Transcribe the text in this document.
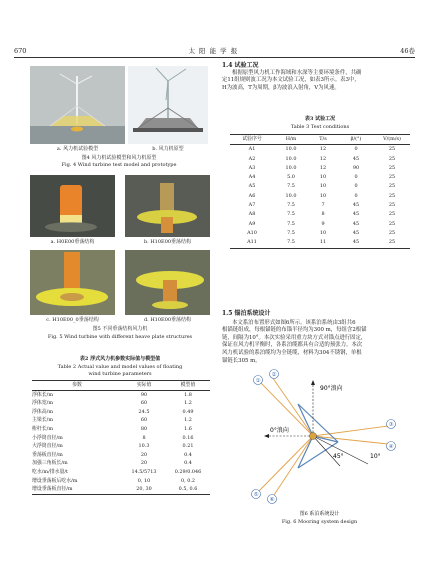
670	太 阳 能 学 报	46卷
a. 风力机试验模型	b. 风力机原型
图4 风力机试验模型和风力机原型
Fig. 4 Wind turbine test model and prototype
a. H0E00垂荡结构	b. H10E00垂荡结构
c. H10E00_0垂荡结构	d. H10E00垂荡结构
图5 不同垂荡结构风力机
Fig. 5 Wind turbine with different heave plate structures
表2 浮式风力机参数实际值与模型值
Table 2 Actual value and model values of floating
wind turbine parameters
参数	实际值	模型值
浮体长/m	90	1.8
浮体宽/m	60	1.2
浮体高/m	24.5	0.49
主梁长/m	60	1.2
桁杆长/m	80	1.6
小浮筒直径/m	8	0.16
大浮筒直径/m	10.3	0.21
垂荡板直径/m	20	0.4
加强三角板长/m	20	0.4
吃水/m/排水量/t	14.5/5713	0.29/0.046
增设垂荡板后吃水/m	0, 10	0, 0.2
增设垂荡板直径/m	20, 30	0.5, 0.6
1.4 试验工况
根据原型风力机工作海域和水深等主要环境条件，共确
定11组规则波工况为本文试验工况，如表3所示。表3中，
H为波高，T为周期，β为波浪入射角，V为风速。
表3 试验工况
Table 3 Test conditions
试验序号	H/m	T/s	β/(°)	V/(m/s)
A1	10.0	12	0	25
A2	10.0	12	45	25
A3	10.0	12	90	25
A4	5.0	10	0	25
A5	7.5	10	0	25
A6	10.0	10	0	25
A7	7.5	7	45	25
A8	7.5	8	45	25
A9	7.5	9	45	25
A10	7.5	10	45	25
A11	7.5	11	45	25
1.5 锚泊系统设计
本文系泊布置形式如图6所示。该系泊系统由3组共6
根锚链组成，每根锚链的布锚半径均为300 m，每组含2根锚
链，间隔为10°。本次实验采用重力块方式对锚点进行固定，
保证在风力机平衡时，各系泊缆都具有合适的预张力。本次
风力机试验的系泊缆均为全链缆，材料为304不锈钢，单根
锚链长305 m。
90°浪向
0°浪向
45°	10°
①
②
③
④
⑤
⑥
图6 系泊系统设计
Fig. 6 Mooring system design
